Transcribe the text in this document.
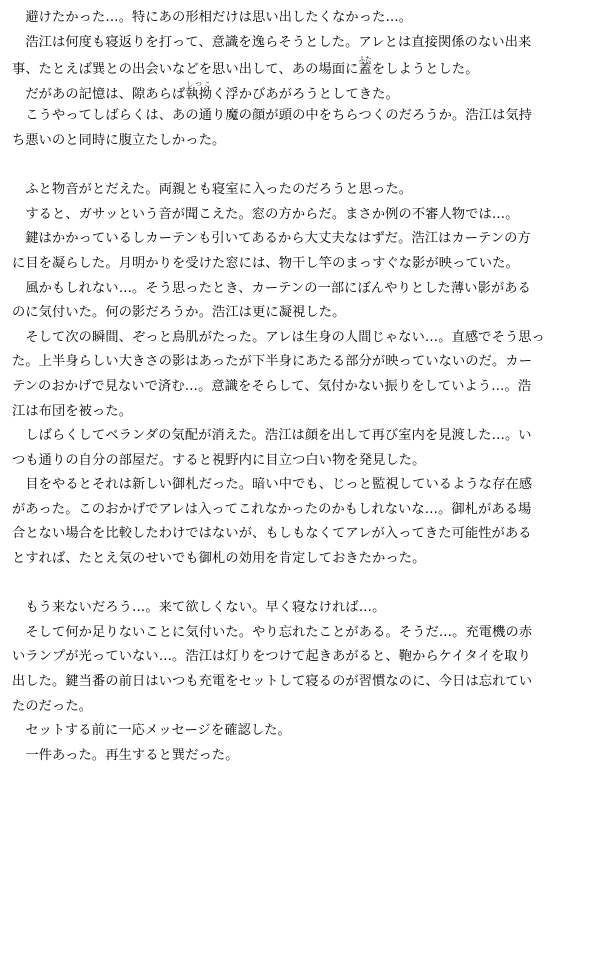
　避けたかった…。特にあの形相だけは思い出したくなかった…。
　浩江は何度も寝返りを打って、意識を逸らそうとした。アレとは直接関係のない出来
事、たとえば巽との出会いなどを思い出して、あの場面に蓋ふたをしようとした。
　だがあの記憶は、隙あらば執拗しつこく浮かびあがろうとしてきた。
　こうやってしばらくは、あの通り魔の顔が頭の中をちらつくのだろうか。浩江は気持
ち悪いのと同時に腹立たしかった。
　ふと物音がとだえた。両親とも寝室に入ったのだろうと思った。
　すると、ガサッという音が聞こえた。窓の方からだ。まさか例の不審人物では…。
　鍵はかかっているしカーテンも引いてあるから大丈夫なはずだ。浩江はカーテンの方
に目を凝らした。月明かりを受けた窓には、物干し竿のまっすぐな影が映っていた。
　風かもしれない…。そう思ったとき、カーテンの一部にぼんやりとした薄い影がある
のに気付いた。何の影だろうか。浩江は更に凝視した。
　そして次の瞬間、ぞっと鳥肌がたった。アレは生身の人間じゃない…。直感でそう思っ
た。上半身らしい大きさの影はあったが下半身にあたる部分が映っていないのだ。カー
テンのおかげで見ないで済む…。意識をそらして、気付かない振りをしていよう…。浩
江は布団を被った。
　しばらくしてベランダの気配が消えた。浩江は顔を出して再び室内を見渡した…。い
つも通りの自分の部屋だ。すると視野内に目立つ白い物を発見した。
　目をやるとそれは新しい御札だった。暗い中でも、じっと監視しているような存在感
があった。このおかげでアレは入ってこれなかったのかもしれないな…。御札がある場
合とない場合を比較したわけではないが、もしもなくてアレが入ってきた可能性がある
とすれば、たとえ気のせいでも御札の効用を肯定しておきたかった。
　もう来ないだろう…。来て欲しくない。早く寝なければ…。
　そして何か足りないことに気付いた。やり忘れたことがある。そうだ…。充電機の赤
いランプが光っていない…。浩江は灯りをつけて起きあがると、鞄からケイタイを取り
出した。鍵当番の前日はいつも充電をセットして寝るのが習慣なのに、今日は忘れてい
たのだった。
　セットする前に一応メッセージを確認した。
　一件あった。再生すると巽だった。
